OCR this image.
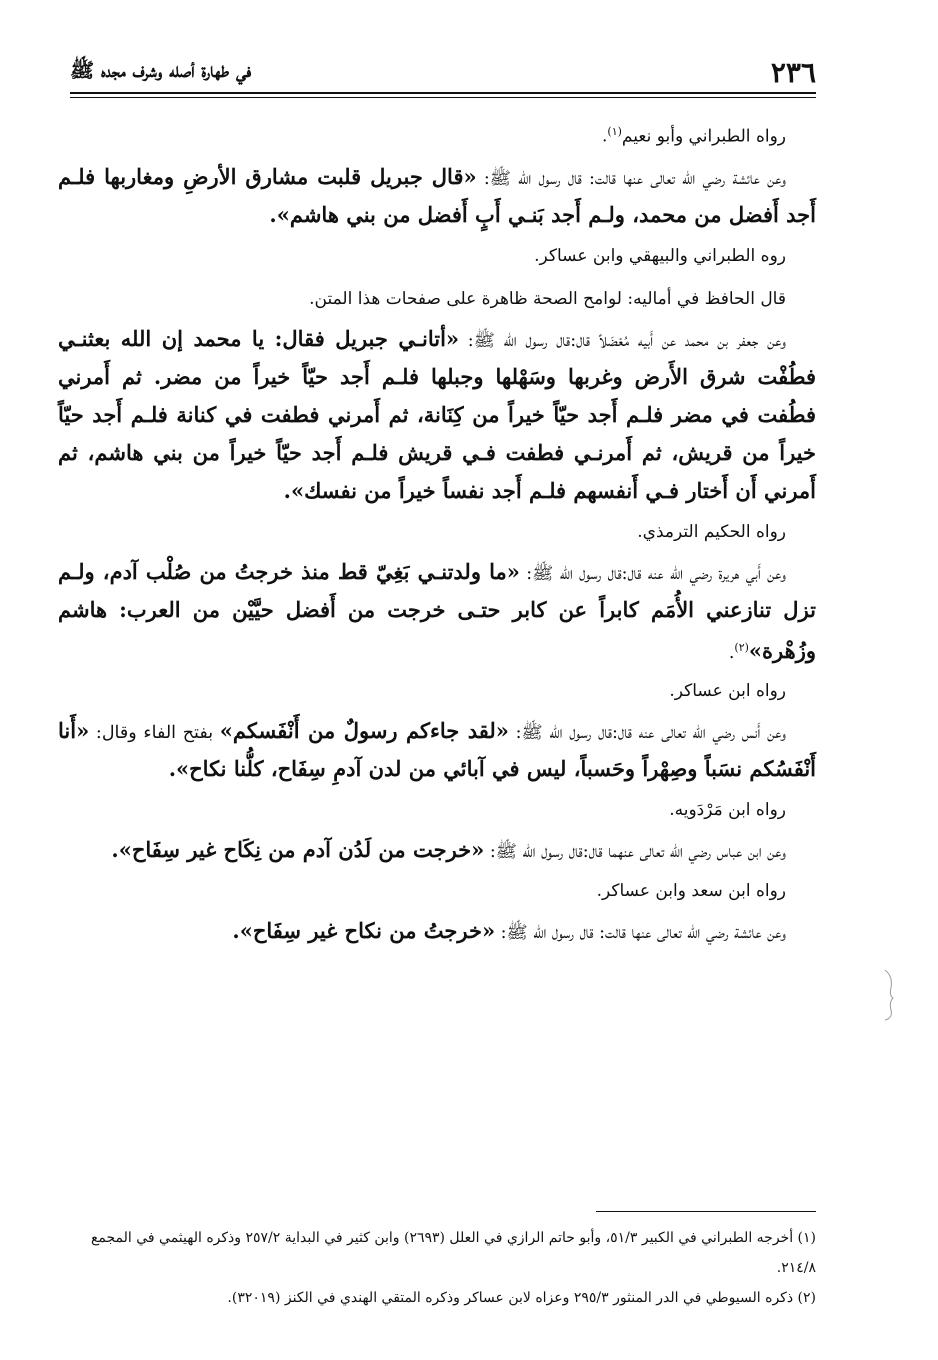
٢٣٦
في طهارة أصله وشرف مجده ﷺ

رواه الطبراني وأبو نعيم$^{(١)}$.

وعن عائشة رضي الله تعالى عنها قالت: قال رسول الله ﷺ: «قال جبريل قلبت مشارق الأرضِ ومغاربها فلـم أَجد أَفضل من محمد، ولـم أَجد بَنـي أَبٍ أَفضل من بني هاشم».

روه الطبراني والبيهقي وابن عساكر.

قال الحافظ في أماليه: لوامح الصحة ظاهرة على صفحات هذا المتن.

وعن جعفر بن محمد عن أَبيه مُعْضَلاً قال:قال رسول الله ﷺ: «أتانـي جبريل فقال: يا محمد إن الله بعثنـي فطُفْت شرق الأَرض وغربها وسَهْلها وجبلها فلـم أَجد حيّاً خيراً من مضر. ثم أَمرني فطُفت في مضر فلـم أَجد حيّاً خيراً من كِنَانة، ثم أَمرني فطفت في كنانة فلـم أَجد حيّاً خيراً من قريش، ثم أَمرنـي فطفت فـي قريش فلـم أَجد حيّاً خيراً من بني هاشم، ثم أَمرني أَن أَختار فـي أَنفسهم فلـم أَجد نفساً خيراً من نفسك».

رواه الحكيم الترمذي.

وعن أَبي هريرة رضي الله عنه قال:قال رسول الله ﷺ: «ما ولدتنـي بَغِيّ قط منذ خرجتُ من صُلْب آدم، ولـم تزل تنازعني الأُمَم كابراً عن كابر حتـى خرجت من أَفضل حيَّيْن من العرب: هاشم وزُهْرة»$^{(٢)}$.

رواه ابن عساكر.

وعن أَنس رضي الله تعالى عنه قال:قال رسول الله ﷺ: «لقد جاءكم رسولٌ من أَنْفَسكم» بفتح الفاء وقال: «أَنا أَنْفَسُكم نسَباً وصِهْراً وحَسباً، ليس في آبائي من لدن آدمِ سِفَاح، كلُّنا نكاح».

رواه ابن مَرْدَويه.

وعن ابن عباس رضي الله تعالى عنهما قال:قال رسول الله ﷺ: «خرجت من لَدُن آدم من نِكَاح غير سِفَاح».

رواه ابن سعد وابن عساكر.

وعن عائشة رضي الله تعالى عنها قالت: قال رسول الله ﷺ: «خرجتُ من نكاح غير سِفَاح».

(١) أخرجه الطبراني في الكبير ٥١/٣، وأبو حاتم الرازي في العلل (٢٦٩٣) وابن كثير في البداية ٢٥٧/٢ وذكره الهيثمي في المجمع ٢١٤/٨.

(٢) ذكره السيوطي في الدر المنثور ٢٩٥/٣ وعزاه لابن عساكر وذكره المتقي الهندي في الكنز (٣٢٠١٩).
